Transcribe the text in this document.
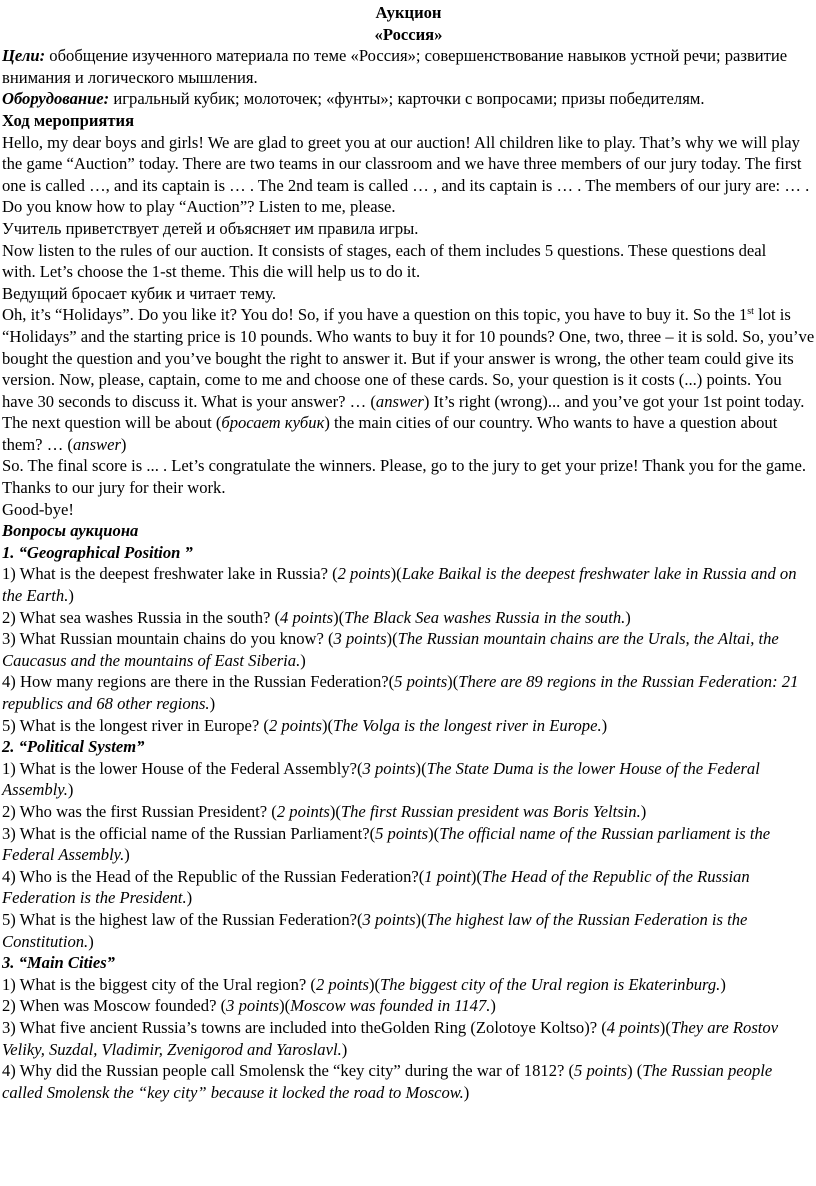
Аукцион

«Россия»

Цели: обобщение изученного материала по теме «Россия»; совершенствование навыков устной речи; развитие внимания и логического мышления.

Оборудование: игральный кубик; молоточек; «фунты»; карточки с вопросами; призы победителям.

Ход мероприятия

Hello, my dear boys and girls! We are glad to greet you at our auction! All children like to play. That’s why we will play the game “Auction” today. There are two teams in our classroom and we have three members of our jury today. The first one is called …, and its captain is … . The 2nd team is called … , and its captain is … . The members of our jury are: … . Do you know how to play “Auction”? Listen to me, please.

Учитель приветствует детей и объясняет им правила игры.

Now listen to the rules of our auction. It consists of stages, each of them includes 5 questions. These questions deal

with. Let’s choose the 1-st theme. This die will help us to do it.

Ведущий бросает кубик и читает тему.

Oh, it’s “Holidays”. Do you like it? You do! So, if you have a question on this topic, you have to buy it. So the 1st lot is “Holidays” and the starting price is 10 pounds. Who wants to buy it for 10 pounds? One, two, three – it is sold. So, you’ve bought the question and you’ve bought the right to answer it. But if your answer is wrong, the other team could give its version. Now, please, captain, come to me and choose one of these cards. So, your question is it costs (...) points. You have 30 seconds to discuss it. What is your answer? … (answer) It’s right (wrong)... and you’ve got your 1st point today. The next question will be about (бросает кубик) the main cities of our country. Who wants to have a question about them? … (answer)

So. The final score is ... . Let’s congratulate the winners. Please, go to the jury to get your prize! Thank you for the game. Thanks to our jury for their work.

Good-bye!

Вопросы аукциона

1. “Geographical Position ”

1) What is the deepest freshwater lake in Russia? (2 points)(Lake Baikal is the deepest freshwater lake in Russia and on the Earth.)

2) What sea washes Russia in the south? (4 points)(The Black Sea washes Russia in the south.)

3) What Russian mountain chains do you know? (3 points)(The Russian mountain chains are the Urals, the Altai, the
Caucasus and the mountains of East Siberia.)

4) How many regions are there in the Russian Federation?(5 points)(There are 89 regions in the Russian Federation: 21 republics and 68 other regions.)

5) What is the longest river in Europe? (2 points)(The Volga is the longest river in Europe.)

2. “Political System”

1) What is the lower House of the Federal Assembly?(3 points)(The State Duma is the lower House of the Federal
Assembly.)

2) Who was the first Russian President? (2 points)(The first Russian president was Boris Yeltsin.)

3) What is the official name of the Russian Parliament?(5 points)(The official name of the Russian parliament is the Federal Assembly.)

4) Who is the Head of the Republic of the Russian Federation?(1 point)(The Head of the Republic of the Russian Federation is the President.)

5) What is the highest law of the Russian Federation?(3 points)(The highest law of the Russian Federation is the Constitution.)

3. “Main Cities”

1) What is the biggest city of the Ural region? (2 points)(The biggest city of the Ural region is Ekaterinburg.)

2) When was Moscow founded? (3 points)(Moscow was founded in 1147.)

3) What five ancient Russia’s towns are included into theGolden Ring (Zolotoye Koltso)? (4 points)(They are Rostov Veliky, Suzdal, Vladimir, Zvenigorod and Yaroslavl.)

4) Why did the Russian people call Smolensk the “key city” during the war of 1812? (5 points) (The Russian people called Smolensk the “key city” because it locked the road to Moscow.)
